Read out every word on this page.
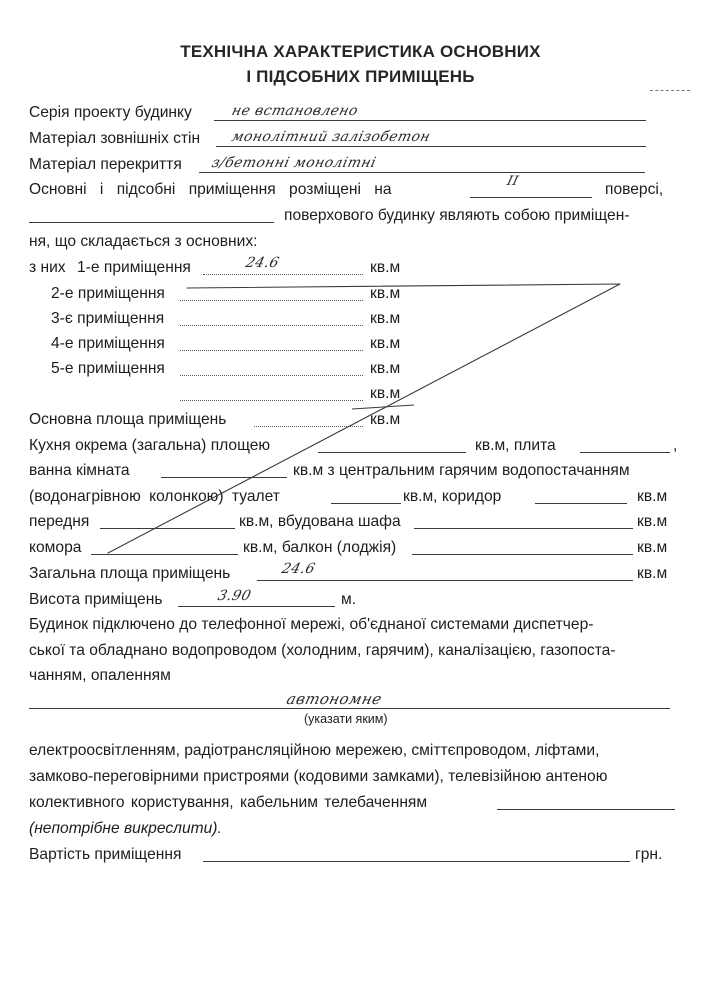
ТЕХНІЧНА ХАРАКТЕРИСТИКА ОСНОВНИХ
І ПІДСОБНИХ ПРИМІЩЕНЬ
Серія проекту будинку	не встановлено
Матеріал зовнішніх стін монолітний залізобетон
Матеріал перекриття з/бетонні монолітні
Основні і підсобні приміщення розміщені на	ІІ	поверсі,
поверхового будинку являють собою приміщен-
ня, що складається з основних:
з них 1-е приміщення	24.6	кв.м
2-е приміщення	кв.м
3-є приміщення	кв.м
4-е приміщення	кв.м
5-е приміщення	кв.м
кв.м
Основна площа приміщень	кв.м
Кухня окрема (загальна) площею	кв.м, плита	,
ванна кімната	кв.м з центральним гарячим водопостачанням
(водонагрівною колонкою) туалет	кв.м, коридор	кв.м
передня	кв.м, вбудована шафа	кв.м
комора	кв.м, балкон (лоджія)	кв.м
Загальна площа приміщень	24.6	кв.м
Висота приміщень	3.90	м.
Будинок підключено до телефонної мережі, об'єднаної системами диспетчер-
ської та обладнано водопроводом (холодним, гарячим), каналізацією, газопоста-
чанням, опаленням
автономне
(указати яким)
електроосвітленням, радіотрансляційною мережею, сміттєпроводом, ліфтами,
замково-переговірними пристроями (кодовими замками), телевізійною антеною
колективного користування, кабельним телебаченням
(непотрібне викреслити).
Вартість приміщення	грн.
